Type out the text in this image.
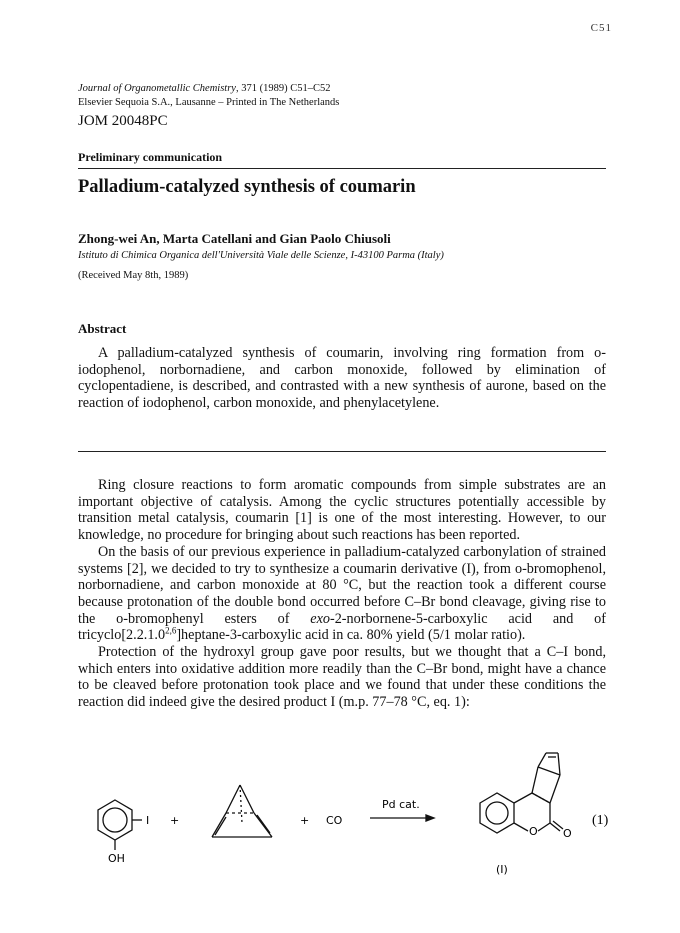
C51
Journal of Organometallic Chemistry, 371 (1989) C51–C52
Elsevier Sequoia S.A., Lausanne – Printed in The Netherlands
JOM 20048PC
Preliminary communication
Palladium-catalyzed synthesis of coumarin
Zhong-wei An, Marta Catellani and Gian Paolo Chiusoli
Istituto di Chimica Organica dell'Università Viale delle Scienze, I-43100 Parma (Italy)
(Received May 8th, 1989)
Abstract
A palladium-catalyzed synthesis of coumarin, involving ring formation from o-iodophenol, norbornadiene, and carbon monoxide, followed by elimination of cyclopentadiene, is described, and contrasted with a new synthesis of aurone, based on the reaction of iodophenol, carbon monoxide, and phenylacetylene.

Ring closure reactions to form aromatic compounds from simple substrates are an important objective of catalysis. Among the cyclic structures potentially accessible by transition metal catalysis, coumarin [1] is one of the most interesting. However, to our knowledge, no procedure for bringing about such reactions has been reported.

On the basis of our previous experience in palladium-catalyzed carbonylation of strained systems [2], we decided to try to synthesize a coumarin derivative (I), from o-bromophenol, norbornadiene, and carbon monoxide at 80 °C, but the reaction took a different course because protonation of the double bond occurred before C–Br bond cleavage, giving rise to the o-bromophenyl esters of exo-2-norbornene-5-carboxylic acid and of tricyclo[2.2.1.0$^{2,6}$]heptane-3-carboxylic acid in ca. 80% yield (5/1 molar ratio).

Protection of the hydroxyl group gave poor results, but we thought that a C–I bond, which enters into oxidative addition more readily than the C–Br bond, might have a chance to be cleaved before protonation took place and we found that under these conditions the reaction did indeed give the desired product I (m.p. 77–78 °C, eq. 1):

I
OH
+	+ CO
Pd cat.
O O
(I)
(1)
